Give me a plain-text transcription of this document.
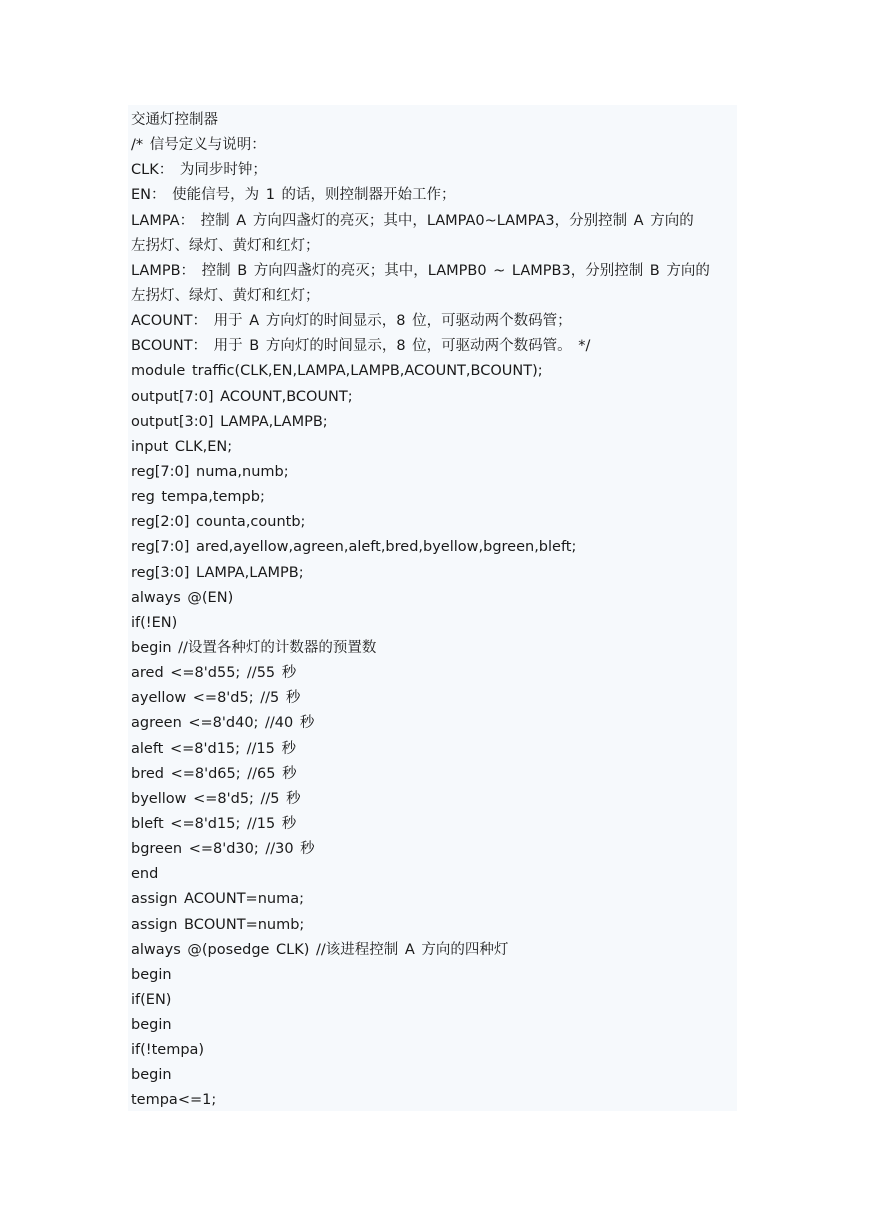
交通灯控制器
/* 信号定义与说明：
CLK： 为同步时钟；
EN： 使能信号，为 1 的话，则控制器开始工作；
LAMPA： 控制 A 方向四盏灯的亮灭；其中，LAMPA0~LAMPA3，分别控制 A 方向的
左拐灯、绿灯、黄灯和红灯；
LAMPB： 控制 B 方向四盏灯的亮灭；其中，LAMPB0 ~ LAMPB3，分别控制 B 方向的
左拐灯、绿灯、黄灯和红灯；
ACOUNT： 用于 A 方向灯的时间显示，8 位，可驱动两个数码管；
BCOUNT： 用于 B 方向灯的时间显示，8 位，可驱动两个数码管。 */
module traffic(CLK,EN,LAMPA,LAMPB,ACOUNT,BCOUNT);
output[7:0] ACOUNT,BCOUNT;
output[3:0] LAMPA,LAMPB;
input CLK,EN;
reg[7:0] numa,numb;
reg tempa,tempb;
reg[2:0] counta,countb;
reg[7:0] ared,ayellow,agreen,aleft,bred,byellow,bgreen,bleft;
reg[3:0] LAMPA,LAMPB;
always @(EN)
if(!EN)
begin //设置各种灯的计数器的预置数
ared <=8'd55; //55 秒
ayellow <=8'd5; //5 秒
agreen <=8'd40; //40 秒
aleft <=8'd15; //15 秒
bred <=8'd65; //65 秒
byellow <=8'd5; //5 秒
bleft <=8'd15; //15 秒
bgreen <=8'd30; //30 秒
end
assign ACOUNT=numa;
assign BCOUNT=numb;
always @(posedge CLK) //该进程控制 A 方向的四种灯
begin
if(EN)
begin
if(!tempa)
begin
tempa<=1;
